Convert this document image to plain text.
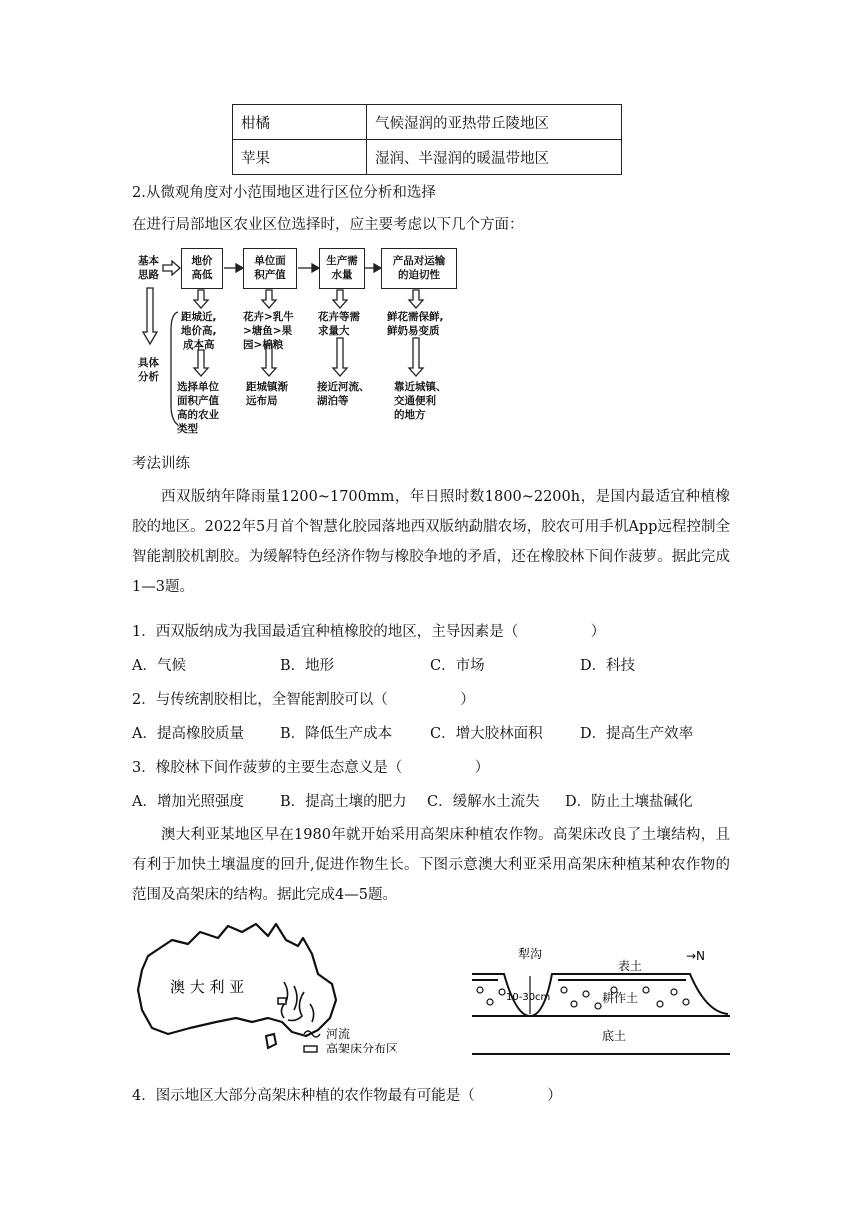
柑橘	气候湿润的亚热带丘陵地区
苹果	湿润、半湿润的暖温带地区
2.从微观角度对小范围地区进行区位分析和选择
在进行局部地区农业区位选择时，应主要考虑以下几个方面：
基本
思路
具体
分析
地价
高低
单位面
积产值
生产需
水量
产品对运输
的迫切性
距城近,
地价高,
成本高
花卉>乳牛
>塘鱼>果
园>棉粮
花卉等需
求量大
鲜花需保鲜,
鲜奶易变质
选择单位
面积产值
高的农业
类型
距城镇渐
远布局
接近河流、
湖泊等
靠近城镇、
交通便利
的地方
考法训练
西双版纳年降雨量1200~1700mm，年日照时数1800~2200h，是国内最适宜种植橡胶的地区。2022年5月首个智慧化胶园落地西双版纳勐腊农场，胶农可用手机App远程控制全智能割胶机割胶。为缓解特色经济作物与橡胶争地的矛盾，还在橡胶林下间作菠萝。据此完成1—3题。
1．西双版纳成为我国最适宜种植橡胶的地区，主导因素是（　　　　　）
A．气候	B．地形	C．市场	D．科技
2．与传统割胶相比，全智能割胶可以（　　　　　）
A．提高橡胶质量 B．降低生产成本	C．增大胶林面积	D．提高生产效率
3．橡胶林下间作菠萝的主要生态意义是（　　　　　）
A．增加光照强度 B．提高土壤的肥力 C．缓解水土流失 D．防止土壤盐碱化
澳大利亚某地区早在1980年就开始采用高架床种植农作物。高架床改良了土壤结构，且有利于加快土壤温度的回升,促进作物生长。下图示意澳大利亚采用高架床种植某种农作物的范围及高架床的结构。据此完成4—5题。
澳 大 利 亚
河流
高架床分布区
犁沟
10-30cm
表土
耕作土
底土
→N
4．图示地区大部分高架床种植的农作物最有可能是（　　　　　）
